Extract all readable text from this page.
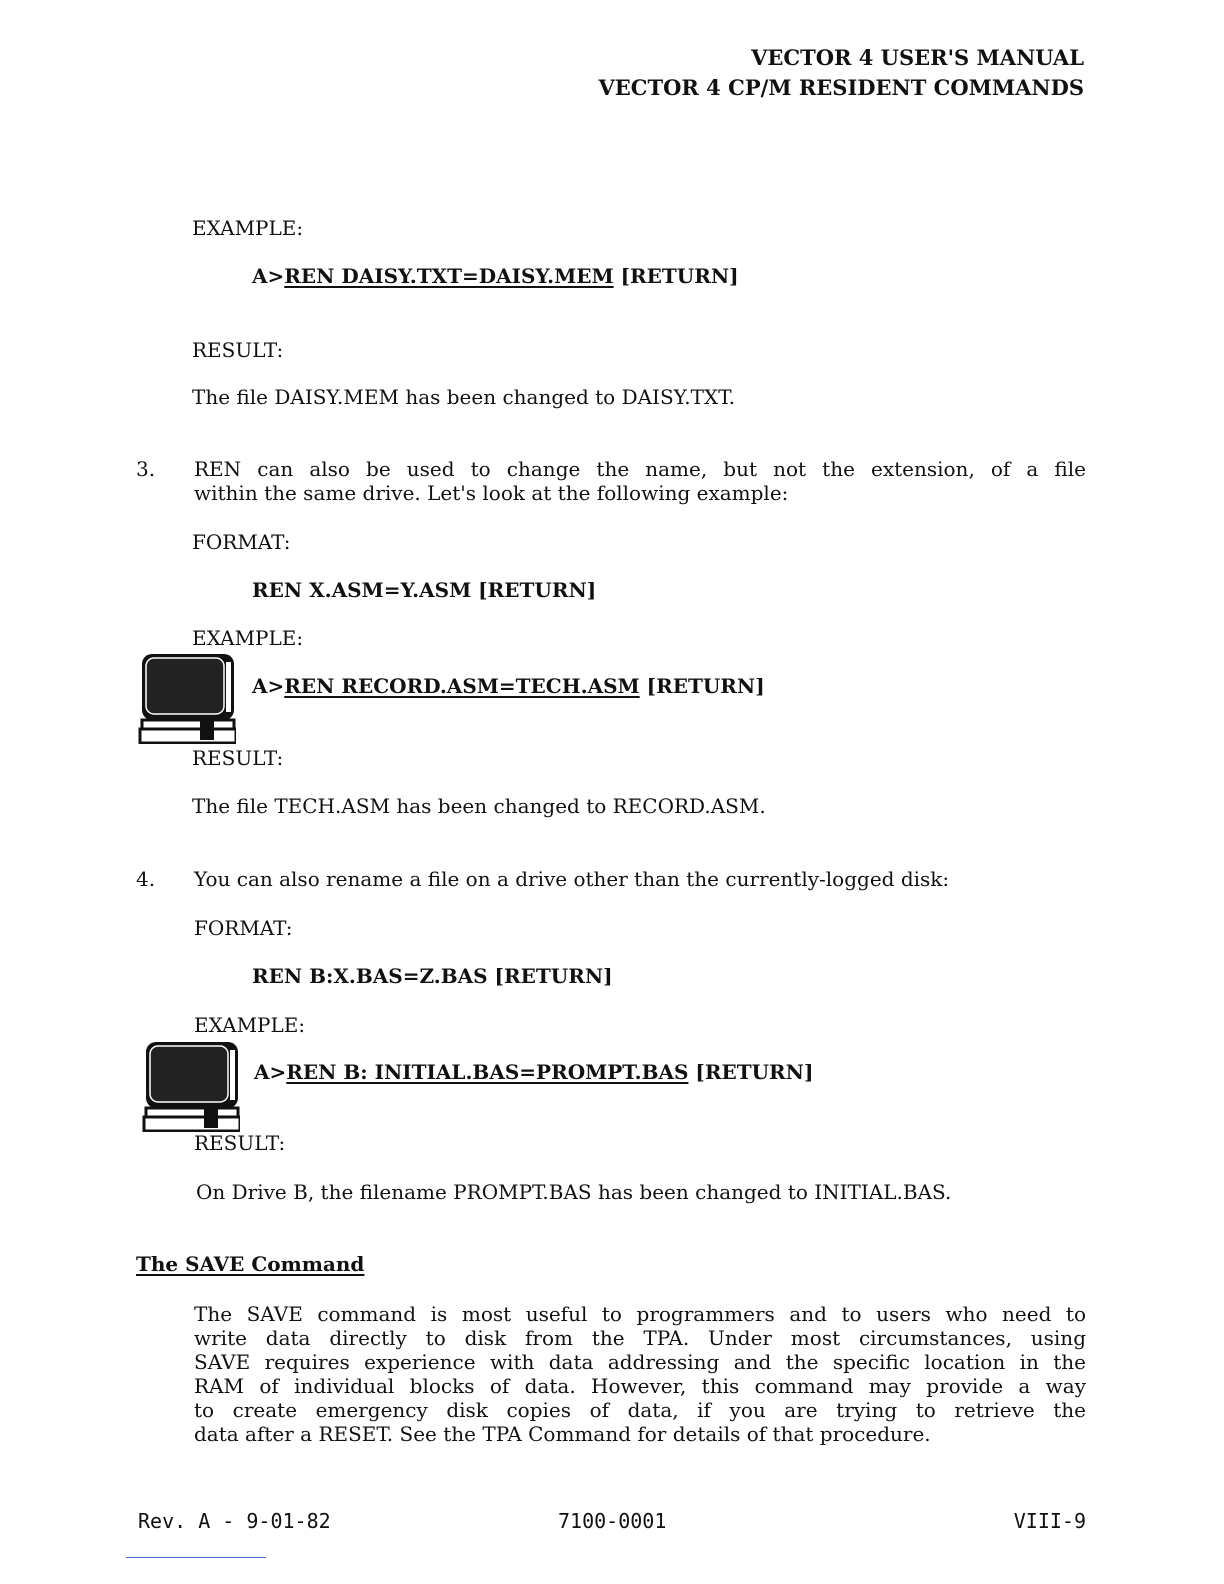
VECTOR 4 USER'S MANUAL
VECTOR 4 CP/M RESIDENT COMMANDS
EXAMPLE:
A>REN DAISY.TXT=DAISY.MEM [RETURN]
RESULT:
The file DAISY.MEM has been changed to DAISY.TXT.
3. REN can also be used to change the name, but not the extension, of a file
within the same drive. Let's look at the following example:
FORMAT:
REN X.ASM=Y.ASM [RETURN]
EXAMPLE:
A>REN RECORD.ASM=TECH.ASM [RETURN]
RESULT:
The file TECH.ASM has been changed to RECORD.ASM.
4. You can also rename a file on a drive other than the currently-logged disk:
FORMAT:
REN B:X.BAS=Z.BAS [RETURN]
EXAMPLE:
A>REN B: INITIAL.BAS=PROMPT.BAS [RETURN]
RESULT:
On Drive B, the filename PROMPT.BAS has been changed to INITIAL.BAS.
The SAVE Command
The SAVE command is most useful to programmers and to users who need to
write data directly to disk from the TPA. Under most circumstances, using
SAVE requires experience with data addressing and the specific location in the
RAM of individual blocks of data. However, this command may provide a way
to create emergency disk copies of data, if you are trying to retrieve the
data after a RESET. See the TPA Command for details of that procedure.
Rev. A - 9-01-82	7100-0001	VIII-9
